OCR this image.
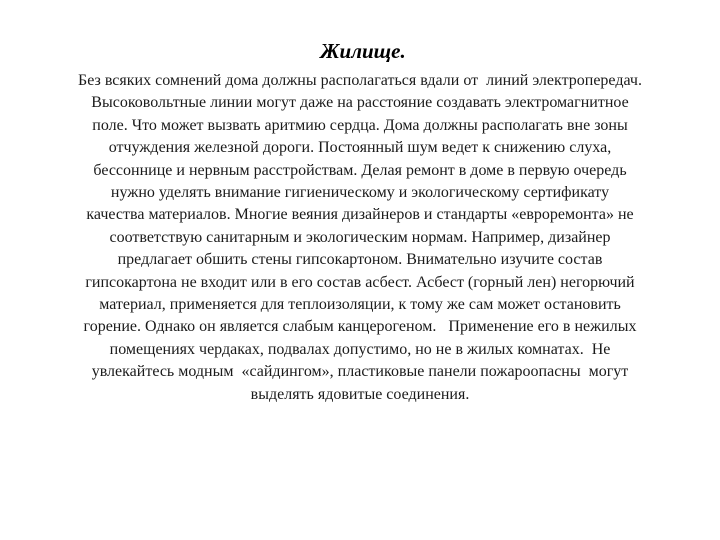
Жилище.
Без всяких сомнений дома должны располагаться вдали от  линий электропередач.
Высоковольтные линии могут даже на расстояние создавать электромагнитное
поле. Что может вызвать аритмию сердца. Дома должны располагать вне зоны
отчуждения железной дороги. Постоянный шум ведет к снижению слуха,
бессоннице и нервным расстройствам. Делая ремонт в доме в первую очередь
нужно уделять внимание гигиеническому и экологическому сертификату
качества материалов. Многие веяния дизайнеров и стандарты «евроремонта» не
соответствую санитарным и экологическим нормам. Например, дизайнер
предлагает обшить стены гипсокартоном. Внимательно изучите состав
гипсокартона не входит или в его состав асбест. Асбест (горный лен) негорючий
материал, применяется для теплоизоляции, к тому же сам может остановить
горение. Однако он является слабым канцерогеном.   Применение его в нежилых
помещениях чердаках, подвалах допустимо, но не в жилых комнатах.  Не
увлекайтесь модным  «сайдингом», пластиковые панели пожароопасны  могут
выделять ядовитые соединения.
